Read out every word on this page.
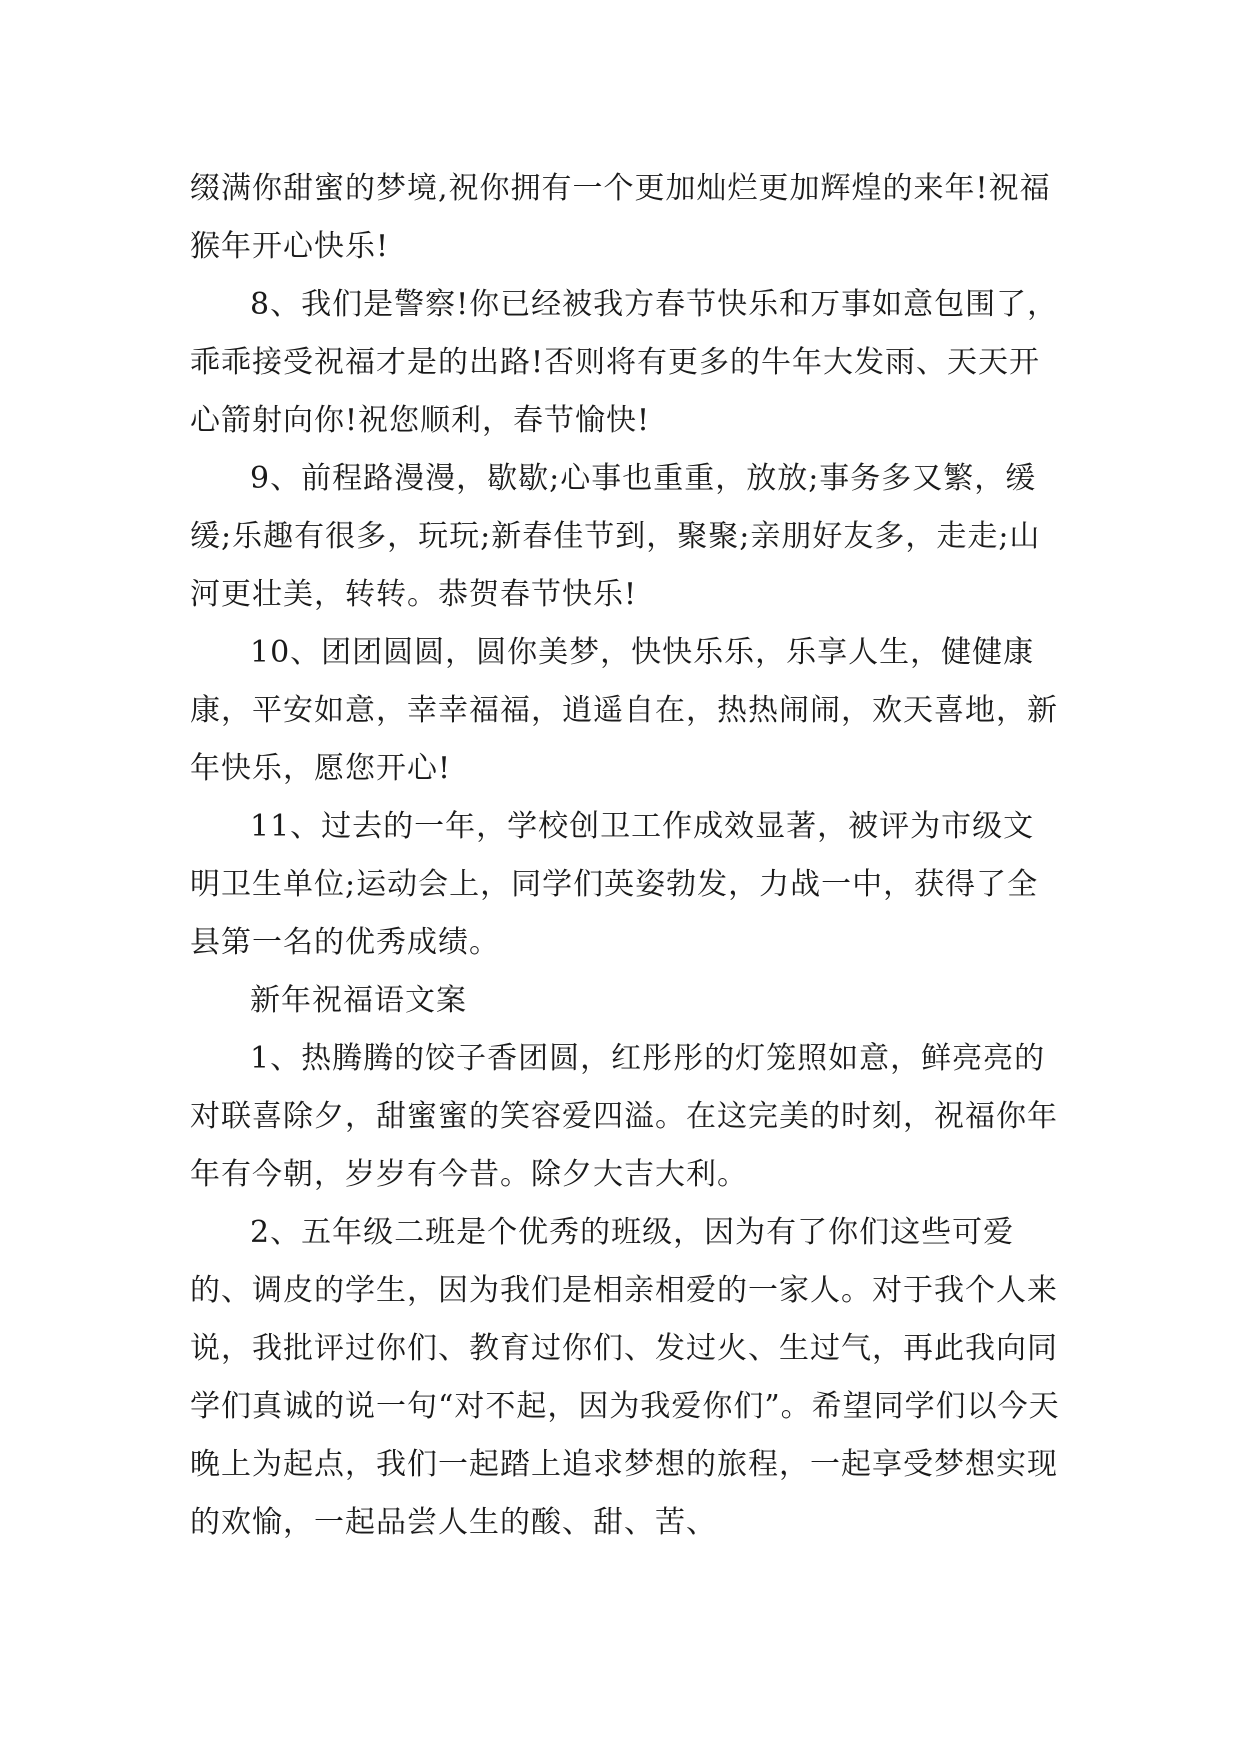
缀满你甜蜜的梦境,祝你拥有一个更加灿烂更加辉煌的来年!祝福猴年开心快乐!

8、我们是警察!你已经被我方春节快乐和万事如意包围了，乖乖接受祝福才是的出路!否则将有更多的牛年大发雨、天天开心箭射向你!祝您顺利，春节愉快!

9、前程路漫漫，歇歇;心事也重重，放放;事务多又繁，缓缓;乐趣有很多，玩玩;新春佳节到，聚聚;亲朋好友多，走走;山河更壮美，转转。恭贺春节快乐!

10、团团圆圆，圆你美梦，快快乐乐，乐享人生，健健康康，平安如意，幸幸福福，逍遥自在，热热闹闹，欢天喜地，新年快乐，愿您开心!

11、过去的一年，学校创卫工作成效显著，被评为市级文明卫生单位;运动会上，同学们英姿勃发，力战一中，获得了全县第一名的优秀成绩。

新年祝福语文案

1、热腾腾的饺子香团圆，红彤彤的灯笼照如意，鲜亮亮的对联喜除夕，甜蜜蜜的笑容爱四溢。在这完美的时刻，祝福你年年有今朝，岁岁有今昔。除夕大吉大利。

2、五年级二班是个优秀的班级，因为有了你们这些可爱的、调皮的学生，因为我们是相亲相爱的一家人。对于我个人来说，我批评过你们、教育过你们、发过火、生过气，再此我向同学们真诚的说一句“对不起，因为我爱你们”。希望同学们以今天晚上为起点，我们一起踏上追求梦想的旅程，一起享受梦想实现的欢愉，一起品尝人生的酸、甜、苦、
